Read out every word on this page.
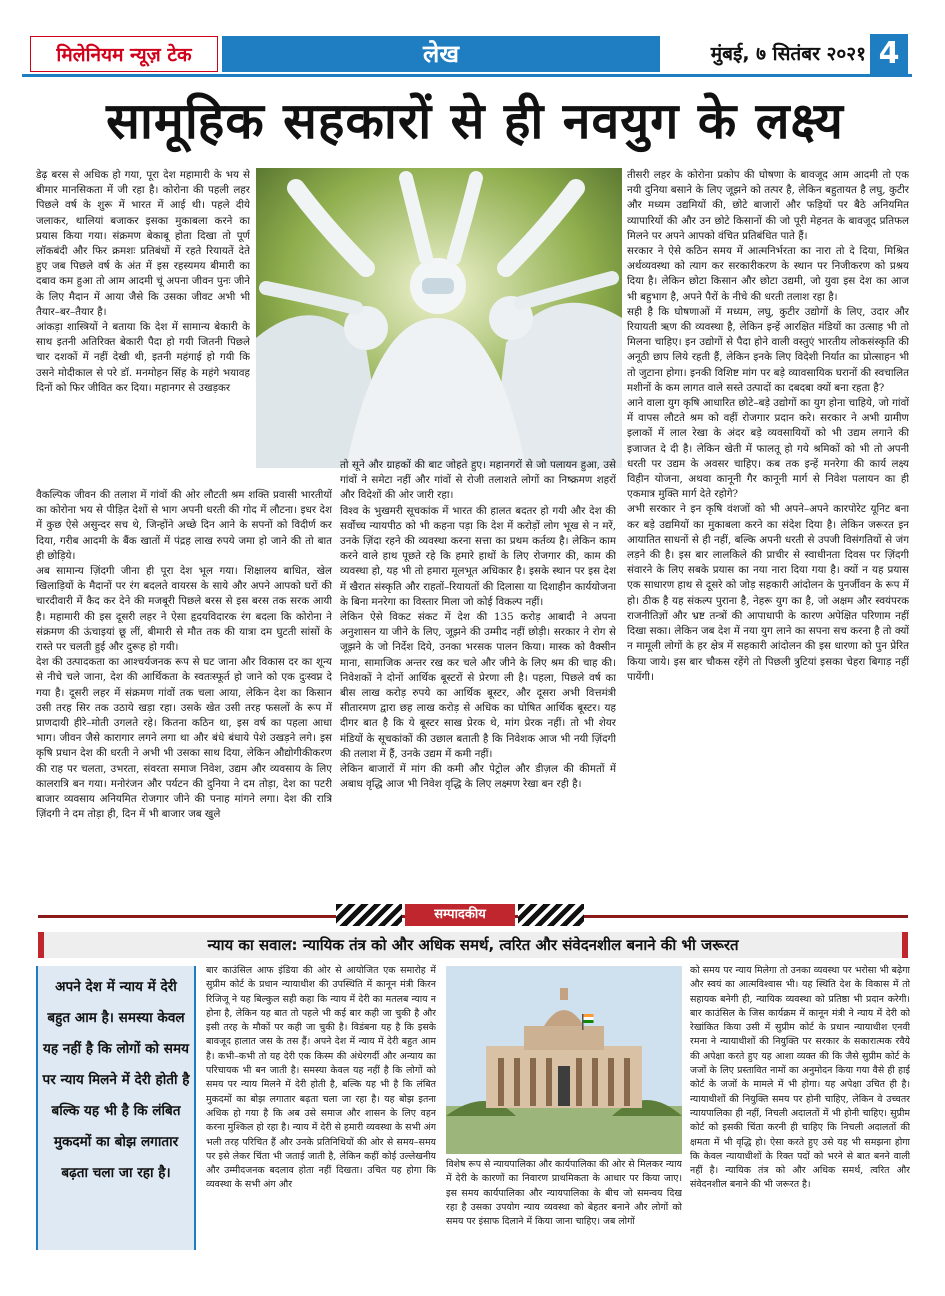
मिलेनियम न्यूज़ टेक	लेख	मुंबई, ७ सितंबर २०२१ 4
सामूहिक सहकारों से ही नवयुग के लक्ष्य

डेढ़ बरस से अधिक हो गया, पूरा देश महामारी के भय से बीमार मानसिकता में जी रहा है। कोरोना की पहली लहर पिछले वर्ष के शुरू में भारत में आई थी। पहले दीये जलाकर, थालियां बजाकर इसका मुकाबला करने का प्रयास किया गया। संक्रमण बेकाबू होता दिखा तो पूर्ण लॉकबंदी और फिर क्रमशः प्रतिबंधों में रहते रियायतें देते हुए जब पिछले वर्ष के अंत में इस रहस्यमय बीमारी का दबाव कम हुआ तो आम आदमी चूं अपना जीवन पुनः जीने के लिए मैदान में आया जैसे कि उसका जीवट अभी भी तैयार–बर–तैयार है।

आंकड़ा शास्त्रियों ने बताया कि देश में सामान्य बेकारी के साथ इतनी अतिरिक्त बेकारी पैदा हो गयी जितनी पिछले चार दशकों में नहीं देखी थी, इतनी महंगाई हो गयी कि उसने मोदीकाल से परे डॉ. मनमोहन सिंह के महंगे भयावह दिनों को फिर जीवित कर दिया। महानगर से उखड़कर

वैकल्पिक जीवन की तलाश में गांवों की ओर लौटती श्रम शक्ति प्रवासी भारतीयों का कोरोना भय से पीड़ित देशों से भाग अपनी धरती की गोद में लौटना। इधर देश में कुछ ऐसे असुन्दर सच थे, जिन्होंने अच्छे दिन आने के सपनों को विदीर्ण कर दिया, गरीब आदमी के बैंक खातों में पंद्रह लाख रुपये जमा हो जाने की तो बात ही छोड़िये।

अब सामान्य ज़िंदगी जीना ही पूरा देश भूल गया। शिक्षालय बाधित, खेल खिलाड़ियों के मैदानों पर रंग बदलते वायरस के साये और अपने आपको घरों की चारदीवारी में कैद कर देने की मजबूरी पिछले बरस से इस बरस तक सरक आयी है। महामारी की इस दूसरी लहर ने ऐसा हृदयविदारक रंग बदला कि कोरोना ने संक्रमण की ऊंचाइयां छू लीं, बीमारी से मौत तक की यात्रा दम घुटती सांसों के रास्ते पर चलती हुई और दुरूह हो गयी।

देश की उत्पादकता का आश्चर्यजनक रूप से घट जाना और विकास दर का शून्य से नीचे चले जाना, देश की आर्थिकता के स्वतःस्फूर्त हो जाने को एक दुःस्वप्न दे गया है। दूसरी लहर में संक्रमण गांवों तक चला आया, लेकिन देश का किसान उसी तरह सिर तक उठाये खड़ा रहा। उसके खेत उसी तरह फसलों के रूप में प्राणदायी हीरे–मोती उगलते रहे। कितना कठिन था, इस वर्ष का पहला आधा भाग। जीवन जैसे कारागार लगने लगा था और बंधे बंधाये पेशे उखड़ने लगे। इस कृषि प्रधान देश की धरती ने अभी भी उसका साथ दिया, लेकिन औद्योगीकीकरण की राह पर चलता, उभरता, संवरता समाज निवेश, उद्यम और व्यवसाय के लिए कालरात्रि बन गया। मनोरंजन और पर्यटन की दुनिया ने दम तोड़ा, देश का पटरी बाजार व्यवसाय अनियमित रोजगार जीने की पनाह मांगने लगा। देश की रात्रि ज़िंदगी ने दम तोड़ा ही, दिन में भी बाजार जब खुले

तो सूने और ग्राहकों की बाट जोहते हुए। महानगरों से जो पलायन हुआ, उसे गांवों ने समेटा नहीं और गांवों से रोजी तलाशते लोगों का निष्क्रमण शहरों और विदेशों की ओर जारी रहा।

विश्व के भुखमरी सूचकांक में भारत की हालत बदतर हो गयी और देश की सर्वोच्च न्यायपीठ को भी कहना पड़ा कि देश में करोड़ों लोग भूख से न मरें, उनके ज़िंदा रहने की व्यवस्था करना सत्ता का प्रथम कर्तव्य है। लेकिन काम करने वाले हाथ पूछते रहे कि हमारे हाथों के लिए रोजगार की, काम की व्यवस्था हो, यह भी तो हमारा मूलभूत अधिकार है। इसके स्थान पर इस देश में खैरात संस्कृति और राहतों–रियायतों की दिलासा या दिशाहीन कार्ययोजना के बिना मनरेगा का विस्तार मिला जो कोई विकल्प नहीं।

लेकिन ऐसे विकट संकट में देश की 135 करोड़ आबादी ने अपना अनुशासन या जीने के लिए, जूझने की उम्मीद नहीं छोड़ी। सरकार ने रोग से जूझने के जो निर्देश दिये, उनका भरसक पालन किया। मास्क को वैक्सीन माना, सामाजिक अन्तर रख कर चले और जीने के लिए श्रम की चाह की। निवेशकों ने दोनों आर्थिक बूस्टरों से प्रेरणा ली है। पहला, पिछले वर्ष का बीस लाख करोड़ रुपये का आर्थिक बूस्टर, और दूसरा अभी वित्तमंत्री सीतारमण द्वारा छह लाख करोड़ से अधिक का घोषित आर्थिक बूस्टर। यह दीगर बात है कि ये बूस्टर साख प्रेरक थे, मांग प्रेरक नहीं। तो भी शेयर मंडियों के सूचकांकों की उछाल बताती है कि निवेशक आज भी नयी ज़िंदगी की तलाश में हैं, उनके उद्यम में कमी नहीं।

लेकिन बाजारों में मांग की कमी और पेट्रोल और डीज़ल की कीमतों में अबाध वृद्धि आज भी निवेश वृद्धि के लिए लक्ष्मण रेखा बन रही है।

तीसरी लहर के कोरोना प्रकोप की घोषणा के बावजूद आम आदमी तो एक नयी दुनिया बसाने के लिए जूझने को तत्पर है, लेकिन बहुतायत है लघु, कुटीर और मध्यम उद्यमियों की, छोटे बाजारों और फड़ियों पर बैठे अनियमित व्यापारियों की और उन छोटे किसानों की जो पूरी मेहनत के बावजूद प्रतिफल मिलने पर अपने आपको वंचित प्रतिबंधित पाते हैं।

सरकार ने ऐसे कठिन समय में आत्मनिर्भरता का नारा तो दे दिया, मिश्रित अर्थव्यवस्था को त्याग कर सरकारीकरण के स्थान पर निजीकरण को प्रश्रय दिया है। लेकिन छोटा किसान और छोटा उद्यमी, जो युवा इस देश का आज भी बहुभाग है, अपने पैरों के नीचे की धरती तलाश रहा है।

सही है कि घोषणाओं में मध्यम, लघु, कुटीर उद्योगों के लिए, उदार और रियायती ऋण की व्यवस्था है, लेकिन इन्हें आरक्षित मंडियों का उत्साह भी तो मिलना चाहिए। इन उद्योगों से पैदा होने वाली वस्तुएं भारतीय लोकसंस्कृति की अनूठी छाप लिये रहती हैं, लेकिन इनके लिए विदेशी निर्यात का प्रोत्साहन भी तो जुटाना होगा। इनकी विशिष्ट मांग पर बड़े व्यावसायिक घरानों की स्वचालित मशीनों के कम लागत वाले सस्ते उत्पादों का दबदबा क्यों बना रहता है?

आने वाला युग कृषि आधारित छोटे–बड़े उद्योगों का युग होना चाहिये, जो गांवों में वापस लौटते श्रम को वहीं रोजगार प्रदान करे। सरकार ने अभी ग्रामीण इलाकों में लाल रेखा के अंदर बड़े व्यवसायियों को भी उद्यम लगाने की इजाजत दे दी है। लेकिन खेती में फालतू हो गये श्रमिकों को भी तो अपनी धरती पर उद्यम के अवसर चाहिए। कब तक इन्हें मनरेगा की कार्य लक्ष्य विहीन योजना, अथवा कानूनी गैर कानूनी मार्ग से निवेश पलायन का ही एकमात्र मुक्ति मार्ग देते रहोगे?

अभी सरकार ने इन कृषि वंशजों को भी अपने–अपने कारपोरेट यूनिट बना कर बड़े उद्यमियों का मुकाबला करने का संदेश दिया है। लेकिन जरूरत इन आयातित साधनों से ही नहीं, बल्कि अपनी धरती से उपजी विसंगतियों से जंग लड़ने की है। इस बार लालकिले की प्राचीर से स्वाधीनता दिवस पर ज़िंदगी संवारने के लिए सबके प्रयास का नया नारा दिया गया है। क्यों न यह प्रयास एक साधारण हाथ से दूसरे को जोड़ सहकारी आंदोलन के पुनर्जीवन के रूप में हो। ठीक है यह संकल्प पुराना है, नेहरू युग का है, जो अक्षम और स्वयंपरक राजनीतिज्ञों और भ्रष्ट तन्त्रों की आपाधापी के कारण अपेक्षित परिणाम नहीं दिखा सका। लेकिन जब देश में नया युग लाने का सपना सच करना है तो क्यों न मामूली लोगों के हर क्षेत्र में सहकारी आंदोलन की इस धारणा को पुन प्रेरित किया जाये। इस बार चौकस रहेंगे तो पिछली त्रुटियां इसका चेहरा बिगाड़ नहीं पायेंगी।

सम्पादकीय
न्याय का सवाल: न्यायिक तंत्र को और अधिक समर्थ, त्वरित और संवेदनशील बनाने की भी जरूरत
अपने देश में न्याय में देरी बहुत आम है। समस्या केवल यह नहीं है कि लोगों को समय पर न्याय मिलने में देरी होती है बल्कि यह भी है कि लंबित मुकदमों का बोझ लगातार बढ़ता चला जा रहा है।
बार काउंसिल आफ इंडिया की ओर से आयोजित एक समारोह में सुप्रीम कोर्ट के प्रधान न्यायाधीश की उपस्थिति में कानून मंत्री किरन रिजिजू ने यह बिल्कुल सही कहा कि न्याय में देरी का मतलब न्याय न होना है, लेकिन यह बात तो पहले भी कई बार कही जा चुकी है और इसी तरह के मौकों पर कही जा चुकी है। विडंबना यह है कि इसके बावजूद हालात जस के तस हैं। अपने देश में न्याय में देरी बहुत आम है। कभी–कभी तो यह देरी एक किस्म की अंधेरगर्दी और अन्याय का परिचायक भी बन जाती है। समस्या केवल यह नहीं है कि लोगों को समय पर न्याय मिलने में देरी होती है, बल्कि यह भी है कि लंबित मुकदमों का बोझ लगातार बढ़ता चला जा रहा है। यह बोझ इतना अधिक हो गया है कि अब उसे समाज और शासन के लिए वहन करना मुश्किल हो रहा है। न्याय में देरी से हमारी व्यवस्था के सभी अंग भली तरह परिचित हैं और उनके प्रतिनिधियों की ओर से समय–समय पर इसे लेकर चिंता भी जताई जाती है, लेकिन कहीं कोई उल्लेखनीय और उम्मीदजनक बदलाव होता नहीं दिखता। उचित यह होगा कि व्यवस्था के सभी अंग और
विशेष रूप से न्यायपालिका और कार्यपालिका की ओर से मिलकर न्याय में देरी के कारणों का निवारण प्राथमिकता के आधार पर किया जाए।इस समय कार्यपालिका और न्यायपालिका के बीच जो समन्वय दिख रहा है उसका उपयोग न्याय व्यवस्था को बेहतर बनाने और लोगों को समय पर इंसाफ दिलाने में किया जाना चाहिए। जब लोगों
को समय पर न्याय मिलेगा तो उनका व्यवस्था पर भरोसा भी बढ़ेगा और स्वयं का आत्मविश्वास भी। यह स्थिति देश के विकास में तो सहायक बनेगी ही, न्यायिक व्यवस्था को प्रतिष्ठा भी प्रदान करेगी। बार काउंसिल के जिस कार्यक्रम में कानून मंत्री ने न्याय में देरी को रेखांकित किया उसी में सुप्रीम कोर्ट के प्रधान न्यायाधीश एनवी रमना ने न्यायाधीशों की नियुक्ति पर सरकार के सकारात्मक रवैये की अपेक्षा करते हुए यह आशा व्यक्त की कि जैसे सुप्रीम कोर्ट के जजों के लिए प्रस्तावित नामों का अनुमोदन किया गया वैसे ही हाई कोर्ट के जजों के मामले में भी होगा। यह अपेक्षा उचित ही है।न्यायाधीशों की नियुक्ति समय पर होनी चाहिए, लेकिन वे उच्चतर न्यायपालिका ही नहीं, निचली अदालतों में भी होनी चाहिए। सुप्रीम कोर्ट को इसकी चिंता करनी ही चाहिए कि निचली अदालतों की क्षमता में भी वृद्धि हो। ऐसा करते हुए उसे यह भी समझना होगा कि केवल न्यायाधीशों के रिक्त पदों को भरने से बात बनने वाली नहीं है। न्यायिक तंत्र को और अधिक समर्थ, त्वरित और संवेदनशील बनाने की भी जरूरत है।
